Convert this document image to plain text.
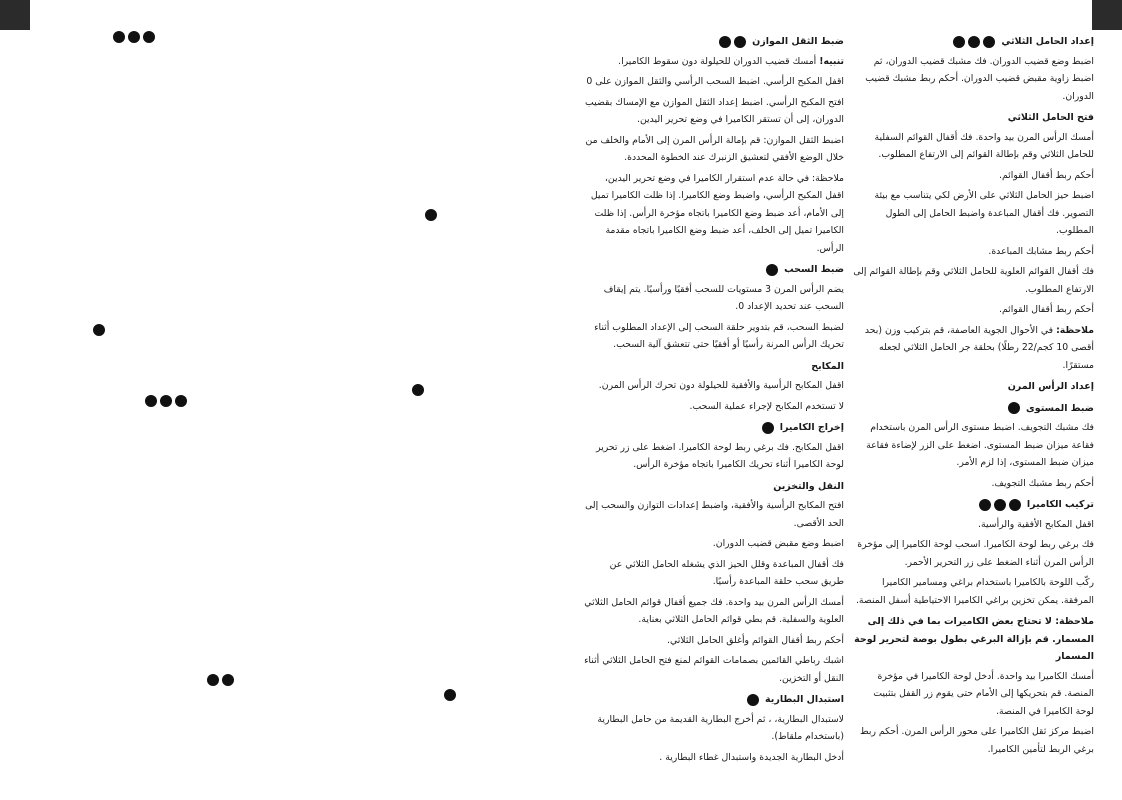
إعداد الحامل الثلاثي

اضبط وضع قضيب الدوران. فك مشبك قضيب الدوران، ثم اضبط زاوية مقبض قضيب الدوران. أحكم ربط مشبك قضيب الدوران.

فتح الحامل الثلاثي

أمسك الرأس المرن بيد واحدة. فك أقفال القوائم السفلية للحامل الثلاثي وقم بإطالة القوائم إلى الارتفاع المطلوب.

أحكم ربط أقفال القوائم.

اضبط حيز الحامل الثلاثي على الأرض لكي يتناسب مع بيئة التصوير. فك أقفال المباعدة واضبط الحامل إلى الطول المطلوب.

أحكم ربط مشابك المباعدة.

فك أقفال القوائم العلوية للحامل الثلاثي وقم بإطالة القوائم إلى الارتفاع المطلوب.

أحكم ربط أقفال القوائم.

ملاحظة: في الأحوال الجوية العاصفة، قم بتركيب وزن (بحد أقصى 10 كجم/22 رطلًا) بحلقة جر الحامل الثلاثي لجعله مستقرًا.

إعداد الرأس المرن
ضبط المستوى

فك مشبك التجويف. اضبط مستوى الرأس المرن باستخدام فقاعة ميزان ضبط المستوى. اضغط على الزر لإضاءة فقاعة ميزان ضبط المستوى، إذا لزم الأمر.

أحكم ربط مشبك التجويف.

تركيب الكاميرا

اقفل المكابح الأفقية والرأسية.

فك برغي ربط لوحة الكاميرا. اسحب لوحة الكاميرا إلى مؤخرة الرأس المرن أثناء الضغط على زر التحرير الأحمر.

ركّب اللوحة بالكاميرا باستخدام براغي ومسامير الكاميرا المرفقة. يمكن تخزين براغي الكاميرا الاحتياطية أسفل المنصة.

ملاحظة: لا تحتاج بعض الكاميرات بما في ذلك إلى المسمار. قم بإزالة البرغي بطول بوصة لتحرير لوحة المسمار

أمسك الكاميرا بيد واحدة. أدخل لوحة الكاميرا في مؤخرة المنصة. قم بتحريكها إلى الأمام حتى يقوم زر القفل بتثبيت لوحة الكاميرا في المنصة.

اضبط مركز ثقل الكاميرا على محور الرأس المرن. أحكم ربط برغي الربط لتأمين الكاميرا.

ضبط الثقل الموازن

تنبيه! أمسك قضيب الدوران للحيلولة دون سقوط الكاميرا.

اقفل المكبح الرأسي. اضبط السحب الرأسي والثقل الموازن على 0

افتح المكبح الرأسي. اضبط إعداد الثقل الموازن مع الإمساك بقضيب الدوران، إلى أن تستقر الكاميرا في وضع تحرير اليدين.

اضبط الثقل الموازن: قم بإمالة الرأس المرن إلى الأمام والخلف من خلال الوضع الأفقي لتعشيق الزنبرك عند الخطوة المحددة.

ملاحظة: في حالة عدم استقرار الكاميرا في وضع تحرير اليدين، اقفل المكبح الرأسي، واضبط وضع الكاميرا. إذا ظلت الكاميرا تميل إلى الأمام، أعد ضبط وضع الكاميرا باتجاه مؤخرة الرأس. إذا ظلت الكاميرا تميل إلى الخلف، أعد ضبط وضع الكاميرا باتجاه مقدمة الرأس.

ضبط السحب

يضم الرأس المرن 3 مستويات للسحب أفقيًا ورأسيًا. يتم إيقاف السحب عند تحديد الإعداد 0.

لضبط السحب، قم بتدوير حلقة السحب إلى الإعداد المطلوب أثناء تحريك الرأس المرنة رأسيًا أو أفقيًا حتى تتعشق آلية السحب.

المكابح

اقفل المكابح الرأسية والأفقية للحيلولة دون تحرك الرأس المرن.

لا تستخدم المكابح لإجراء عملية السحب.

إخراج الكاميرا

اقفل المكابح. فك برغي ربط لوحة الكاميرا. اضغط على زر تحرير لوحة الكاميرا أثناء تحريك الكاميرا باتجاه مؤخرة الرأس.

النقل والتخزين

افتح المكابح الرأسية والأفقية، واضبط إعدادات التوازن والسحب إلى الحد الأقصى.

اضبط وضع مقبض قضيب الدوران.

فك أقفال المباعدة وقلل الحيز الذي يشغله الحامل الثلاثي عن طريق سحب حلقة المباعدة رأسيًا.

أمسك الرأس المرن بيد واحدة. فك جميع أقفال قوائم الحامل الثلاثي العلوية والسفلية. قم بطي قوائم الحامل الثلاثي بعناية.

أحكم ربط أقفال القوائم وأغلق الحامل الثلاثي.

اشبك رباطي القائمين بصمامات القوائم لمنع فتح الحامل الثلاثي أثناء النقل أو التخزين.

استبدال البطارية

لاستبدال البطارية، ، ثم أخرج البطارية القديمة من حامل البطارية (باستخدام ملقاط).

أدخل البطارية الجديدة واستبدال غطاء البطارية .
